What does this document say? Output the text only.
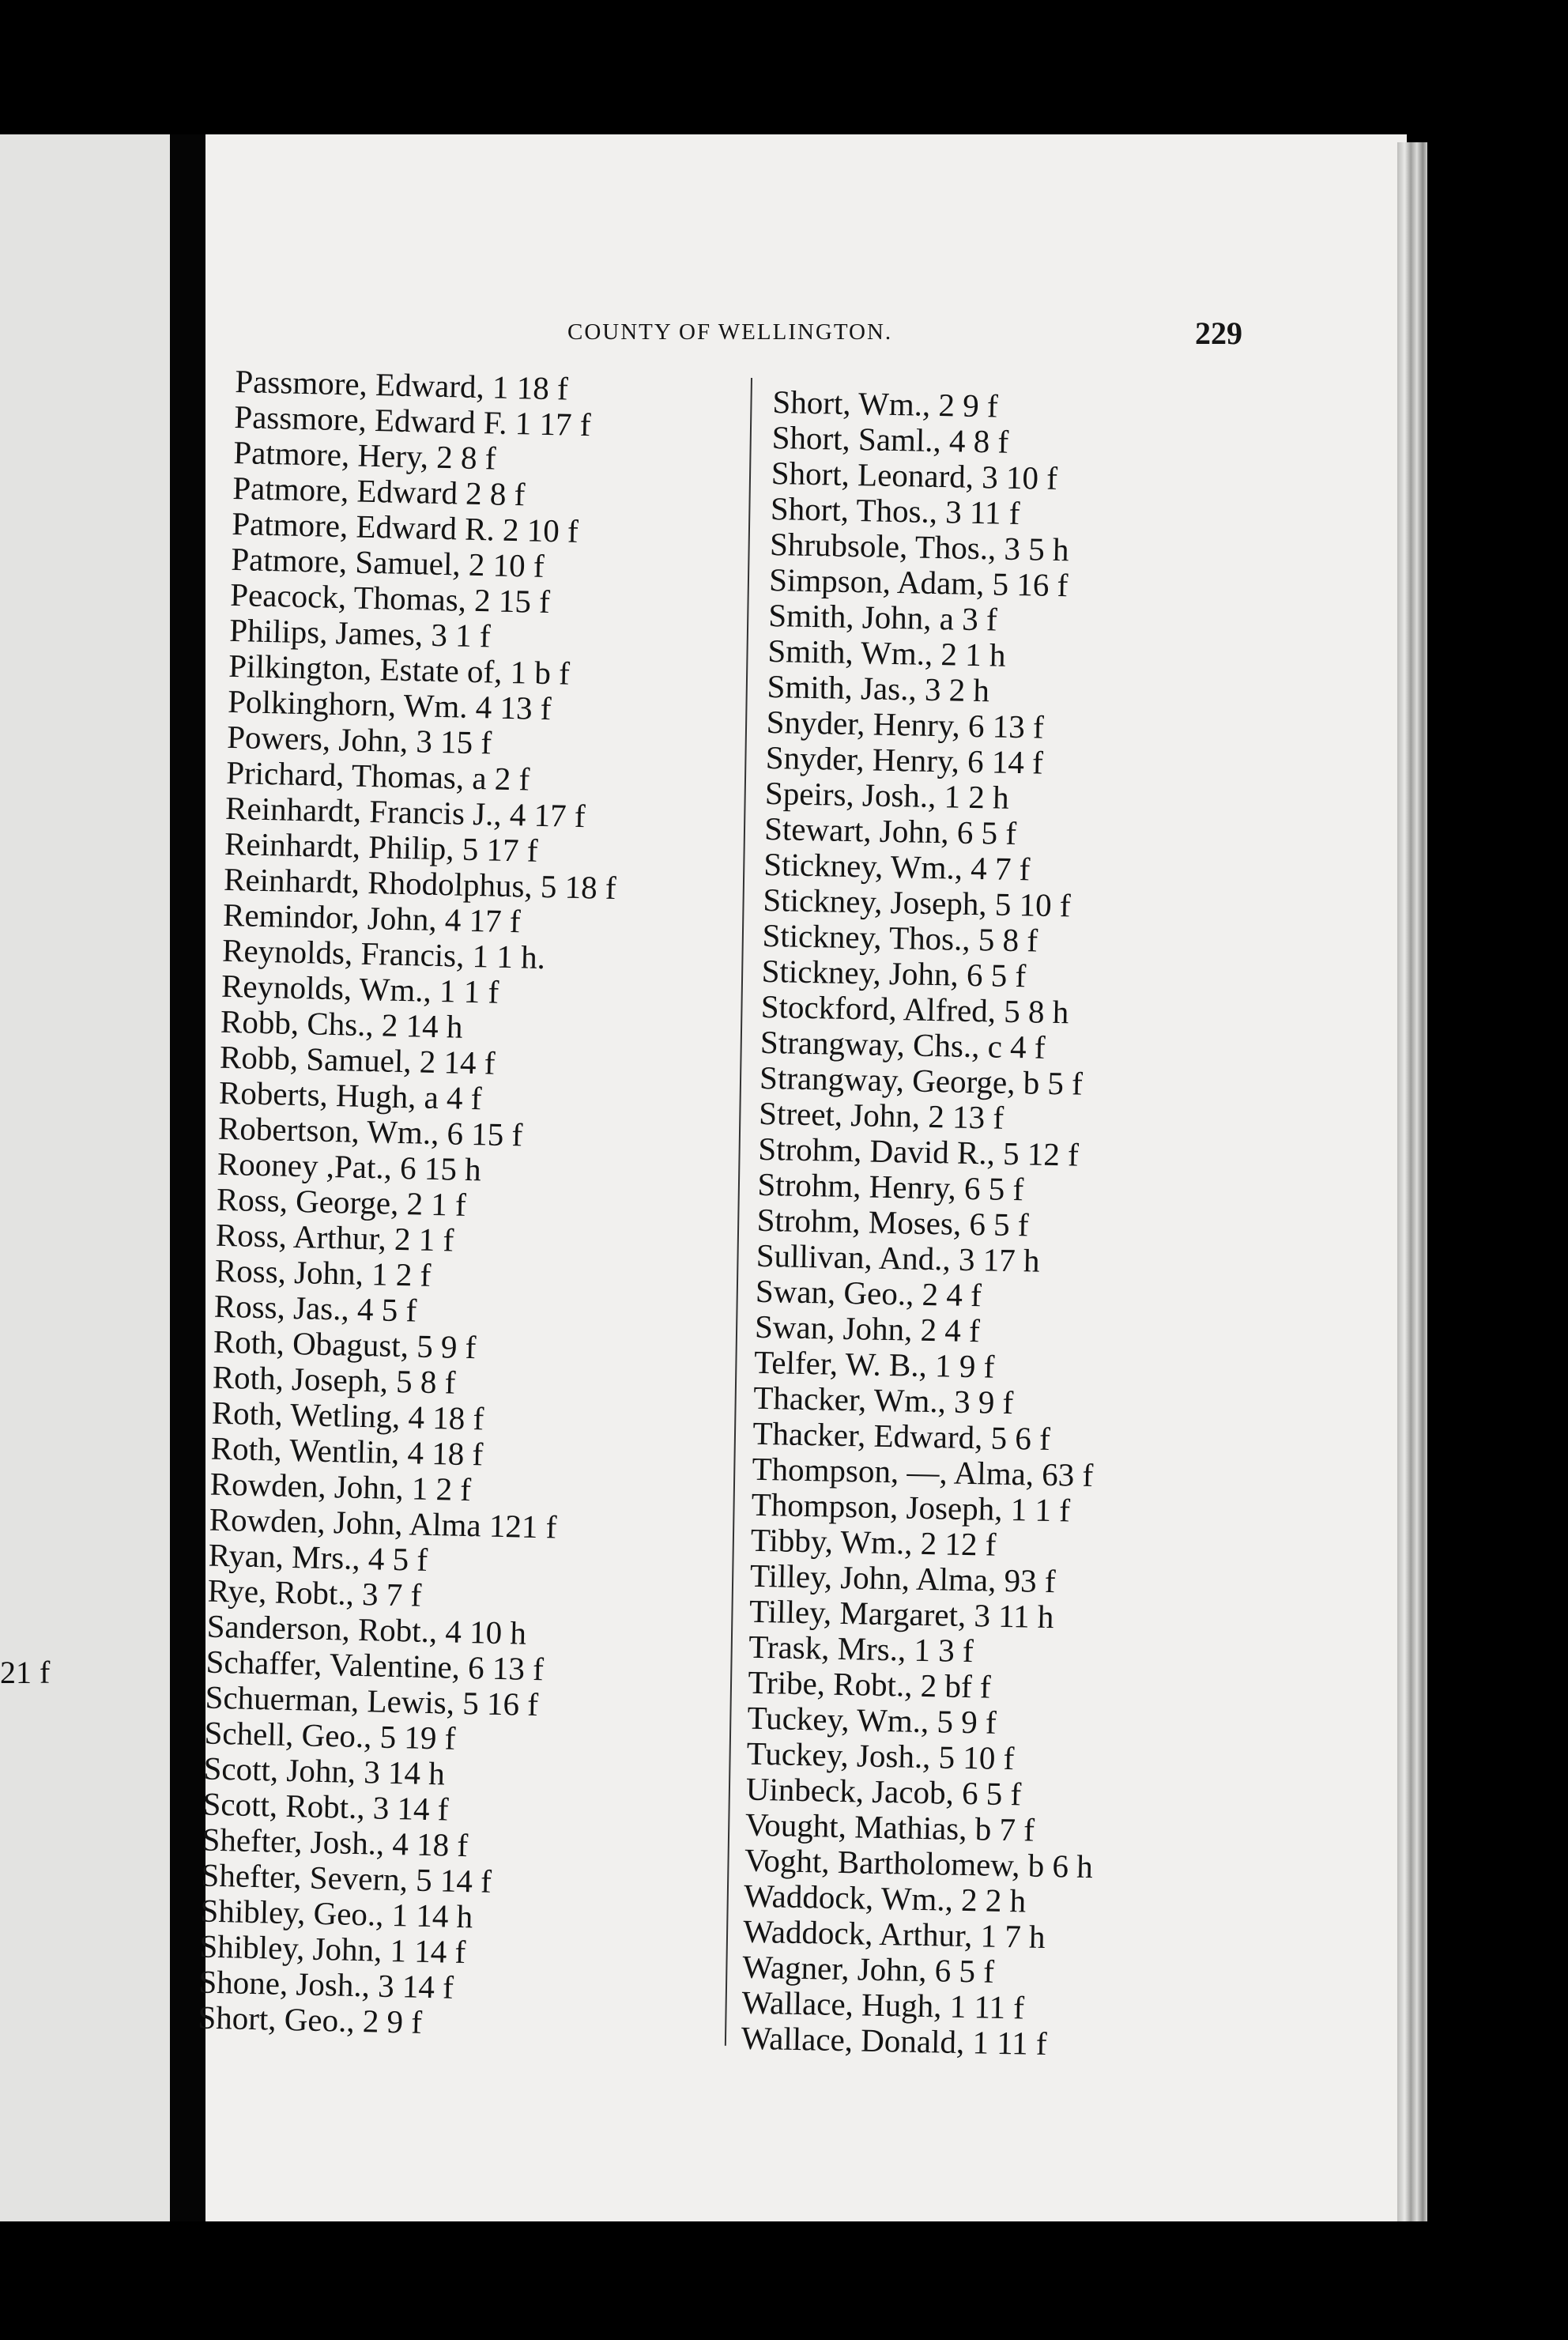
21 f
COUNTY OF WELLINGTON.	229
Passmore, Edward, 1 18 f
Passmore, Edward F. 1 17 f
Patmore, Hery, 2 8 f
Patmore, Edward 2 8 f
Patmore, Edward R. 2 10 f
Patmore, Samuel, 2 10 f
Peacock, Thomas, 2 15 f
Philips, James, 3 1 f
Pilkington, Estate of, 1 b f
Polkinghorn, Wm. 4 13 f
Powers, John, 3 15 f
Prichard, Thomas, a 2 f
Reinhardt, Francis J., 4 17 f
Reinhardt, Philip, 5 17 f
Reinhardt, Rhodolphus, 5 18 f
Remindor, John, 4 17 f
Reynolds, Francis, 1 1 h.
Reynolds, Wm., 1 1 f
Robb, Chs., 2 14 h
Robb, Samuel, 2 14 f
Roberts, Hugh, a 4 f
Robertson, Wm., 6 15 f
Rooney ,Pat., 6 15 h
Ross, George, 2 1 f
Ross, Arthur, 2 1 f
Ross, John, 1 2 f
Ross, Jas., 4 5 f
Roth, Obagust, 5 9 f
Roth, Joseph, 5 8 f
Roth, Wetling, 4 18 f
Roth, Wentlin, 4 18 f
Rowden, John, 1 2 f
Rowden, John, Alma 121 f
Ryan, Mrs., 4 5 f
Rye, Robt., 3 7 f
Sanderson, Robt., 4 10 h
Schaffer, Valentine, 6 13 f
Schuerman, Lewis, 5 16 f
Schell, Geo., 5 19 f
Scott, John, 3 14 h
Scott, Robt., 3 14 f
Shefter, Josh., 4 18 f
Shefter, Severn, 5 14 f
Shibley, Geo., 1 14 h
Shibley, John, 1 14 f
Shone, Josh., 3 14 f
Short, Geo., 2 9 f
Short, Wm., 2 9 f
Short, Saml., 4 8 f
Short, Leonard, 3 10 f
Short, Thos., 3 11 f
Shrubsole, Thos., 3 5 h
Simpson, Adam, 5 16 f
Smith, John, a 3 f
Smith, Wm., 2 1 h
Smith, Jas., 3 2 h
Snyder, Henry, 6 13 f
Snyder, Henry, 6 14 f
Speirs, Josh., 1 2 h
Stewart, John, 6 5 f
Stickney, Wm., 4 7 f
Stickney, Joseph, 5 10 f
Stickney, Thos., 5 8 f
Stickney, John, 6 5 f
Stockford, Alfred, 5 8 h
Strangway, Chs., c 4 f
Strangway, George, b 5 f
Street, John, 2 13 f
Strohm, David R., 5 12 f
Strohm, Henry, 6 5 f
Strohm, Moses, 6 5 f
Sullivan, And., 3 17 h
Swan, Geo., 2 4 f
Swan, John, 2 4 f
Telfer, W. B., 1 9 f
Thacker, Wm., 3 9 f
Thacker, Edward, 5 6 f
Thompson, —, Alma, 63 f
Thompson, Joseph, 1 1 f
Tibby, Wm., 2 12 f
Tilley, John, Alma, 93 f
Tilley, Margaret, 3 11 h
Trask, Mrs., 1 3 f
Tribe, Robt., 2 bf f
Tuckey, Wm., 5 9 f
Tuckey, Josh., 5 10 f
Uinbeck, Jacob, 6 5 f
Vought, Mathias, b 7 f
Voght, Bartholomew, b 6 h
Waddock, Wm., 2 2 h
Waddock, Arthur, 1 7 h
Wagner, John, 6 5 f
Wallace, Hugh, 1 11 f
Wallace, Donald, 1 11 f
